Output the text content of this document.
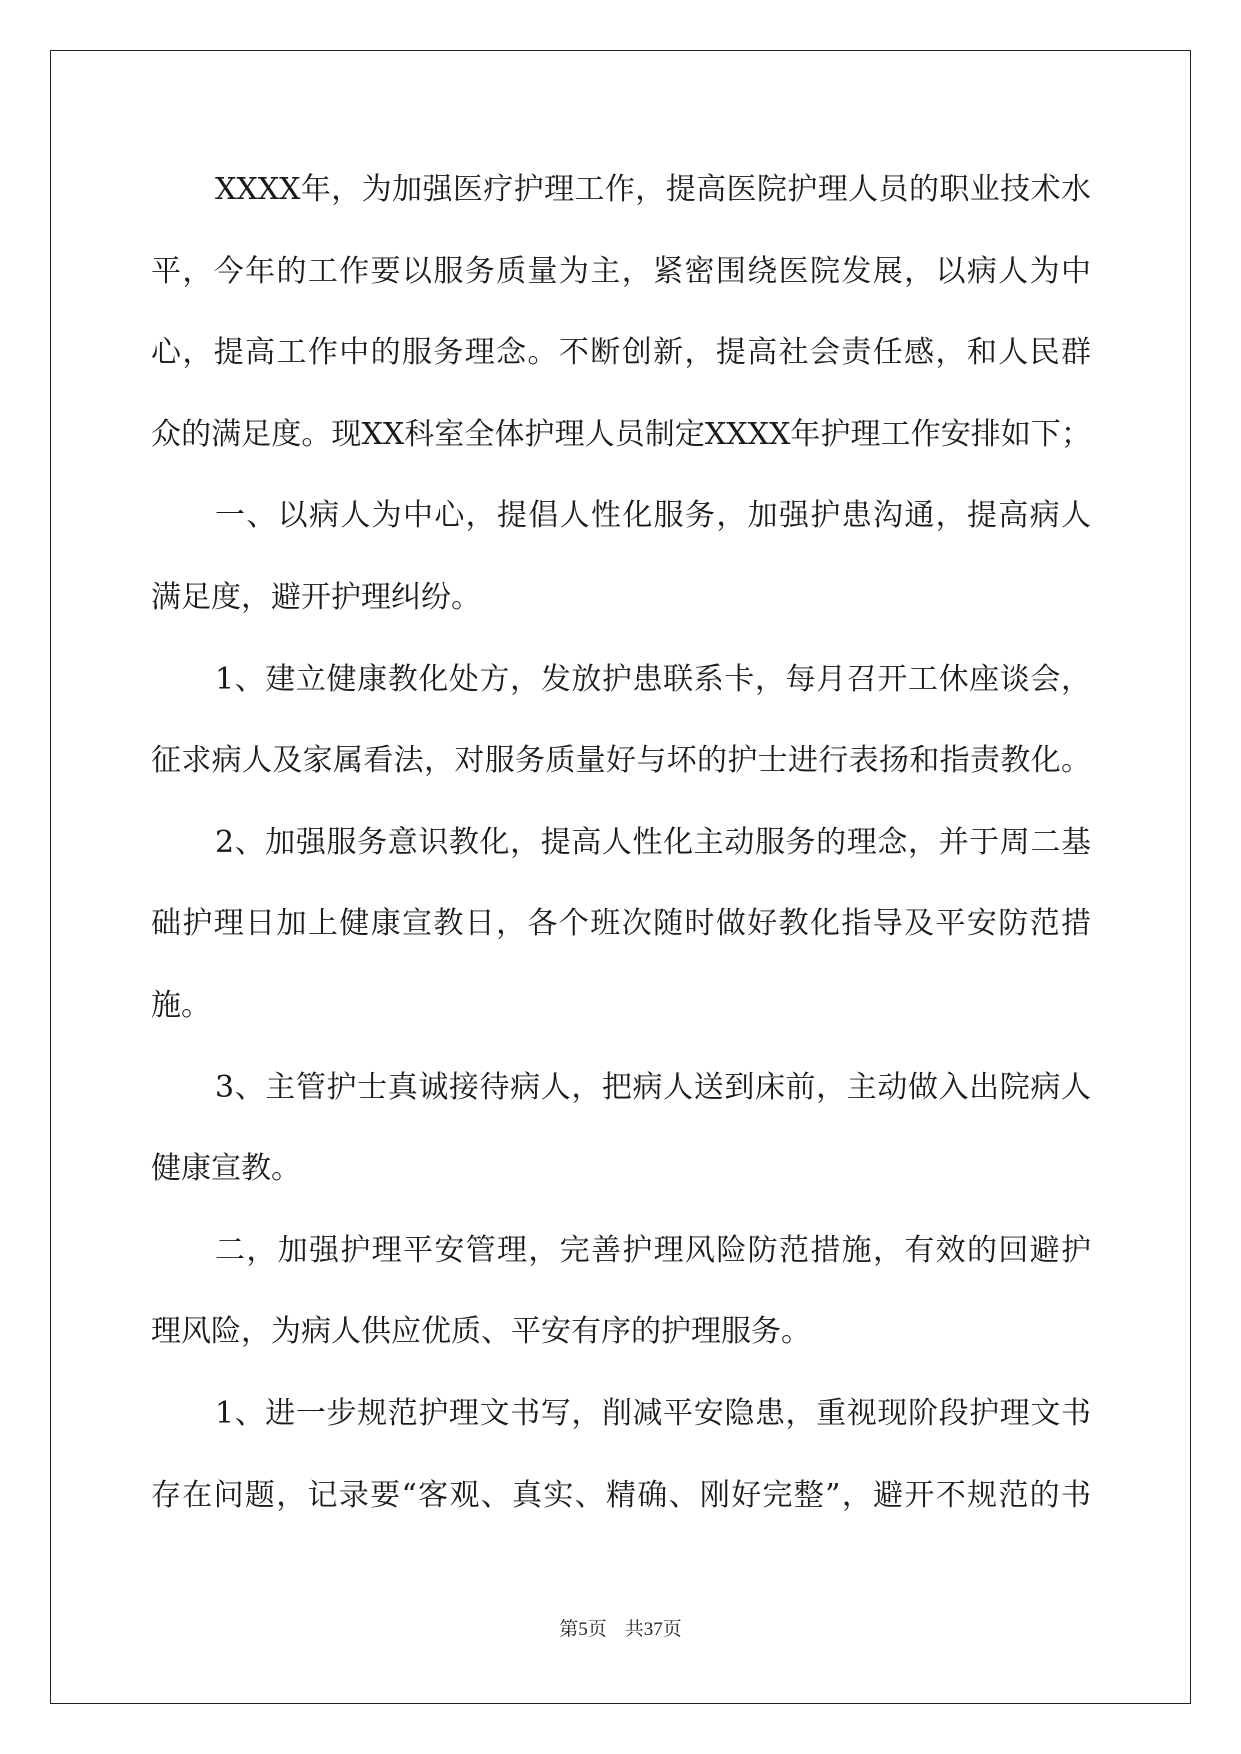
XXXX年，为加强医疗护理工作，提高医院护理人员的职业技术水
平，今年的工作要以服务质量为主，紧密围绕医院发展，以病人为中
心，提高工作中的服务理念。不断创新，提高社会责任感，和人民群
众的满足度。现XX科室全体护理人员制定XXXX年护理工作安排如下；
一、以病人为中心，提倡人性化服务，加强护患沟通，提高病人
满足度，避开护理纠纷。
1、建立健康教化处方，发放护患联系卡，每月召开工休座谈会，
征求病人及家属看法，对服务质量好与坏的护士进行表扬和指责教化。
2、加强服务意识教化，提高人性化主动服务的理念，并于周二基
础护理日加上健康宣教日，各个班次随时做好教化指导及平安防范措
施。
3、主管护士真诚接待病人，把病人送到床前，主动做入出院病人
健康宣教。
二，加强护理平安管理，完善护理风险防范措施，有效的回避护
理风险，为病人供应优质、平安有序的护理服务。
1、进一步规范护理文书写，削减平安隐患，重视现阶段护理文书
存在问题，记录要“客观、真实、精确、刚好完整”，避开不规范的书
第5页 共37页
